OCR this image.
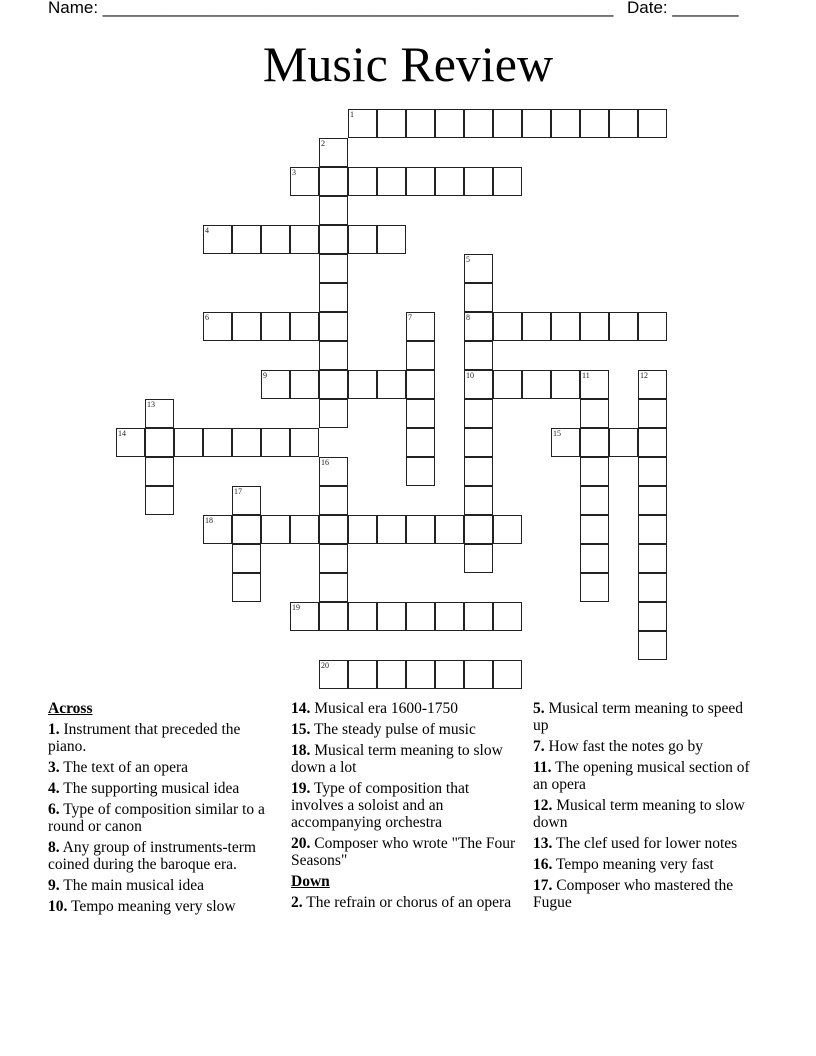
Name: ______________________________________________________ Date: _______
Music Review
1
2
3
4
5
8
10
6	7
9	11	12
13
14	15
16
17
18
19
20
Across
1. Instrument that preceded the piano.
3. The text of an opera
4. The supporting musical idea
6. Type of composition similar to a round or canon
8. Any group of instruments-term coined during the baroque era.
9. The main musical idea
10. Tempo meaning very slow
14. Musical era 1600-1750
15. The steady pulse of music
18. Musical term meaning to slow down a lot
19. Type of composition that involves a soloist and an accompanying orchestra
20. Composer who wrote "The Four Seasons"
Down
2. The refrain or chorus of an opera
5. Musical term meaning to speed up
7. How fast the notes go by
11. The opening musical section of an opera
12. Musical term meaning to slow down
13. The clef used for lower notes
16. Tempo meaning very fast
17. Composer who mastered the Fugue
